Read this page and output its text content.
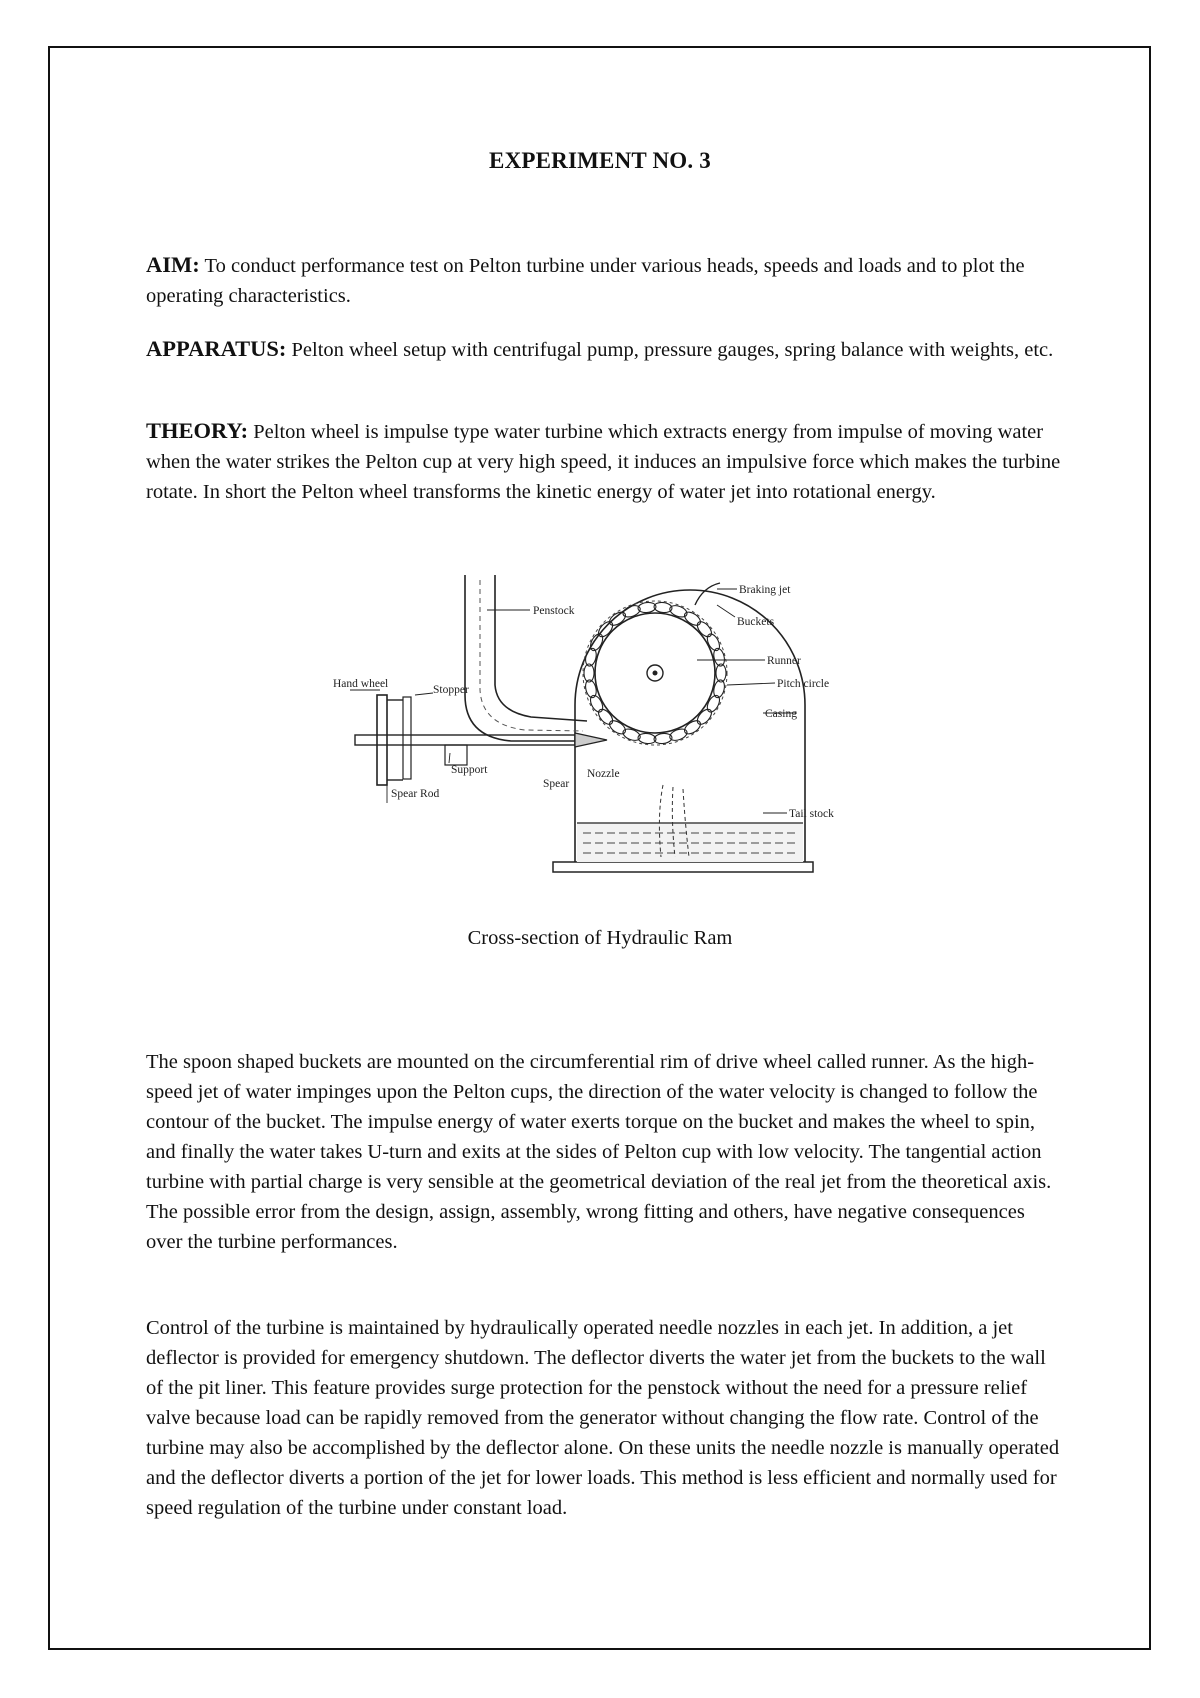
EXPERIMENT NO. 3
AIM: To conduct performance test on Pelton turbine under various heads, speeds and loads and to plot the operating characteristics.
APPARATUS: Pelton wheel setup with centrifugal pump, pressure gauges, spring balance with weights, etc.
THEORY: Pelton wheel is impulse type water turbine which extracts energy from impulse of moving water when the water strikes the Pelton cup at very high speed, it induces an impulsive force which makes the turbine rotate. In short the Pelton wheel transforms the kinetic energy of water jet into rotational energy.
Penstock
Braking jet
Buckets
Runner
Pitch circle
Casing
Hand wheel	Stopper
Support
Spear
Nozzle
Spear Rod
Tail stock
Cross-section of Hydraulic Ram
The spoon shaped buckets are mounted on the circumferential rim of drive wheel called runner. As the high-speed jet of water impinges upon the Pelton cups, the direction of the water velocity is changed to follow the contour of the bucket. The impulse energy of water exerts torque on the bucket and makes the wheel to spin, and finally the water takes U-turn and exits at the sides of Pelton cup with low velocity. The tangential action turbine with partial charge is very sensible at the geometrical deviation of the real jet from the theoretical axis. The possible error from the design, assign, assembly, wrong fitting and others, have negative consequences over the turbine performances.
Control of the turbine is maintained by hydraulically operated needle nozzles in each jet. In addition, a jet deflector is provided for emergency shutdown. The deflector diverts the water jet from the buckets to the wall of the pit liner. This feature provides surge protection for the penstock without the need for a pressure relief valve because load can be rapidly removed from the generator without changing the flow rate. Control of the turbine may also be accomplished by the deflector alone. On these units the needle nozzle is manually operated and the deflector diverts a portion of the jet for lower loads. This method is less efficient and normally used for speed regulation of the turbine under constant load.
